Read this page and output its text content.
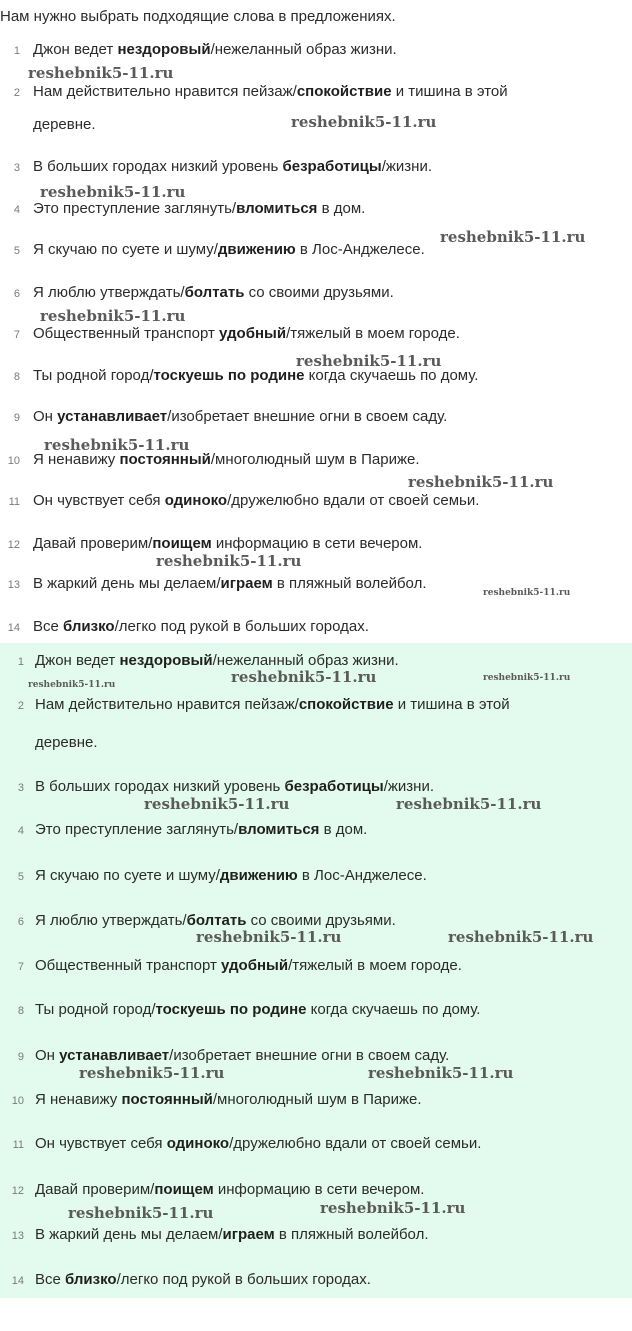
Нам нужно выбрать подходящие слова в предложениях.
1 Джон ведет нездоровый/нежеланный образ жизни.
2 Нам действительно нравится пейзаж/спокойствие и тишина в этой
деревне.
3 В больших городах низкий уровень безработицы/жизни.
4 Это преступление заглянуть/вломиться в дом.
5 Я скучаю по суете и шуму/движению в Лос-Анджелесе.
6 Я люблю утверждать/болтать со своими друзьями.
7 Общественный транспорт удобный/тяжелый в моем городе.
8 Ты родной город/тоскуешь по родине когда скучаешь по дому.
9 Он устанавливает/изобретает внешние огни в своем саду.
10 Я ненавижу постоянный/многолюдный шум в Париже.
11 Он чувствует себя одиноко/дружелюбно вдали от своей семьи.
12 Давай проверим/поищем информацию в сети вечером.
13 В жаркий день мы делаем/играем в пляжный волейбол.
14 Все близко/легко под рукой в больших городах.
1 Джон ведет нездоровый/нежеланный образ жизни.
2 Нам действительно нравится пейзаж/спокойствие и тишина в этой
деревне.
3 В больших городах низкий уровень безработицы/жизни.
4 Это преступление заглянуть/вломиться в дом.
5 Я скучаю по суете и шуму/движению в Лос-Анджелесе.
6 Я люблю утверждать/болтать со своими друзьями.
7 Общественный транспорт удобный/тяжелый в моем городе.
8 Ты родной город/тоскуешь по родине когда скучаешь по дому.
9 Он устанавливает/изобретает внешние огни в своем саду.
10 Я ненавижу постоянный/многолюдный шум в Париже.
11 Он чувствует себя одиноко/дружелюбно вдали от своей семьи.
12 Давай проверим/поищем информацию в сети вечером.
13 В жаркий день мы делаем/играем в пляжный волейбол.
14 Все близко/легко под рукой в больших городах.
reshebnik5-11.ru
reshebnik5-11.ru
reshebnik5-11.ru
reshebnik5-11.ru
reshebnik5-11.ru
reshebnik5-11.ru
reshebnik5-11.ru
reshebnik5-11.ru
reshebnik5-11.ru
reshebnik5-11.ru
reshebnik5-11.ru	reshebnik5-11.ru	reshebnik5-11.ru
reshebnik5-11.ru	reshebnik5-11.ru
reshebnik5-11.ru	reshebnik5-11.ru
reshebnik5-11.ru	reshebnik5-11.ru
reshebnik5-11.ru	reshebnik5-11.ru
